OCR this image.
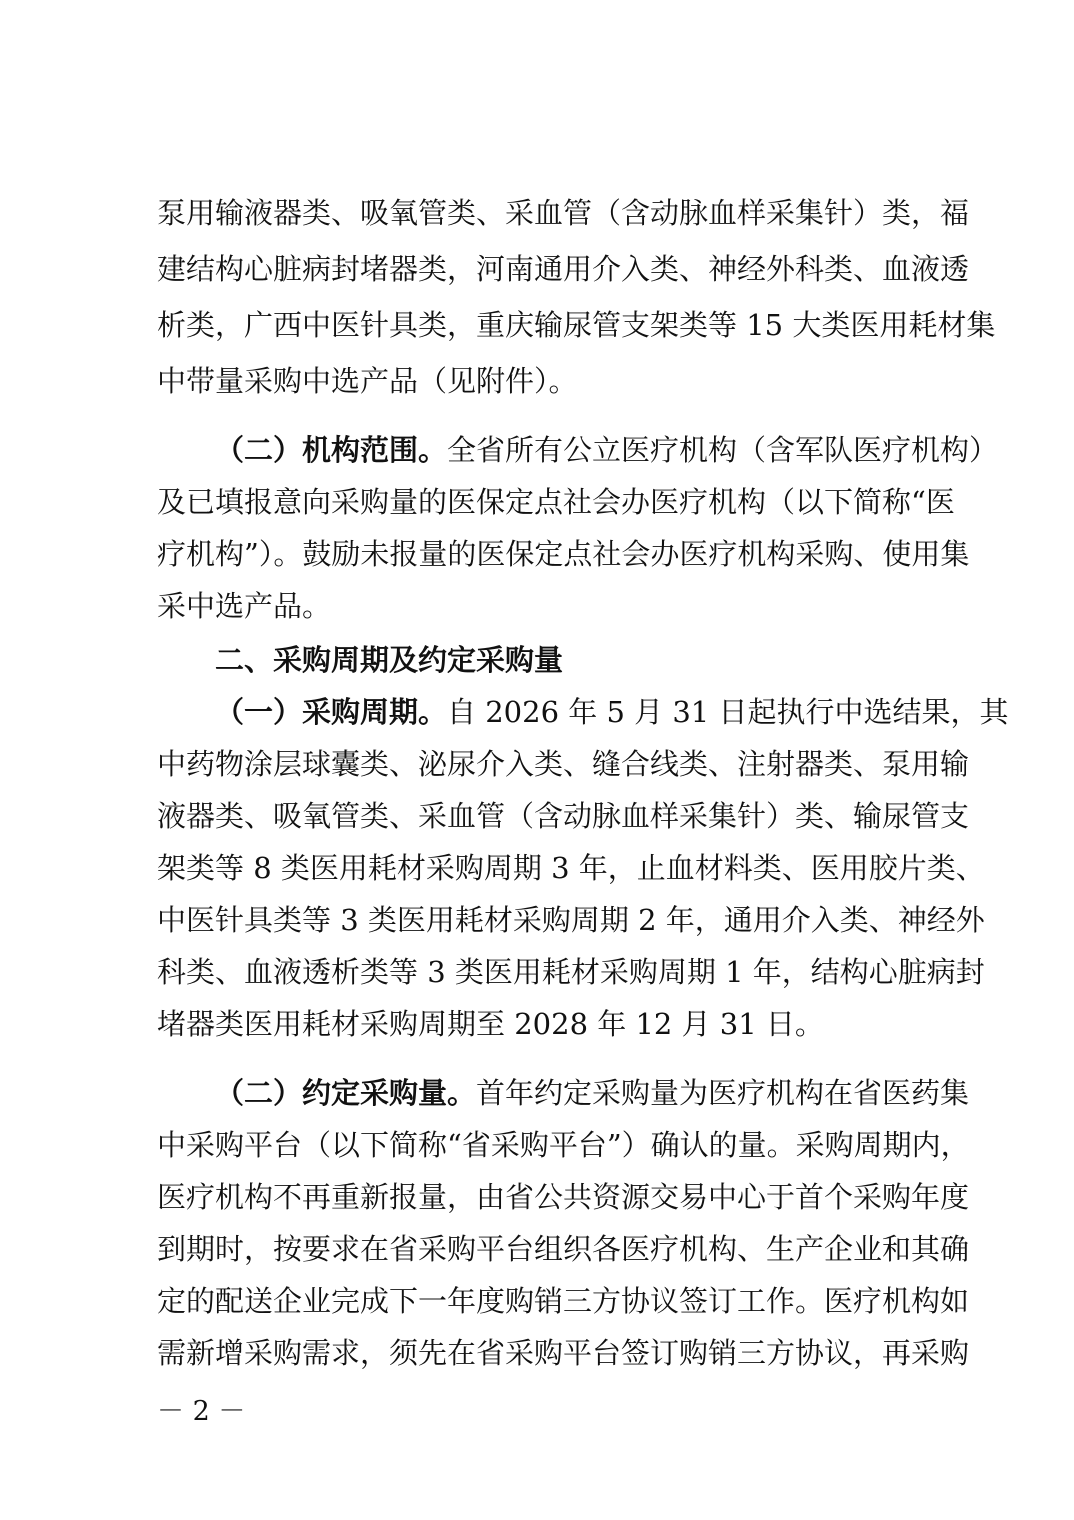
泵用输液器类、吸氧管类、采血管（含动脉血样采集针）类，福
建结构心脏病封堵器类，河南通用介入类、神经外科类、血液透
析类，广西中医针具类，重庆输尿管支架类等 15 大类医用耗材集
中带量采购中选产品（见附件）。
（二）机构范围。全省所有公立医疗机构（含军队医疗机构）
及已填报意向采购量的医保定点社会办医疗机构（以下简称“医
疗机构”）。鼓励未报量的医保定点社会办医疗机构采购、使用集
采中选产品。
二、采购周期及约定采购量
（一）采购周期。自 2026 年 5 月 31 日起执行中选结果，其
中药物涂层球囊类、泌尿介入类、缝合线类、注射器类、泵用输
液器类、吸氧管类、采血管（含动脉血样采集针）类、输尿管支
架类等 8 类医用耗材采购周期 3 年，止血材料类、医用胶片类、
中医针具类等 3 类医用耗材采购周期 2 年，通用介入类、神经外
科类、血液透析类等 3 类医用耗材采购周期 1 年，结构心脏病封
堵器类医用耗材采购周期至 2028 年 12 月 31 日。
（二）约定采购量。首年约定采购量为医疗机构在省医药集
中采购平台（以下简称“省采购平台”）确认的量。采购周期内，
医疗机构不再重新报量，由省公共资源交易中心于首个采购年度
到期时，按要求在省采购平台组织各医疗机构、生产企业和其确
定的配送企业完成下一年度购销三方协议签订工作。医疗机构如
需新增采购需求，须先在省采购平台签订购销三方协议，再采购
－ 2 －
